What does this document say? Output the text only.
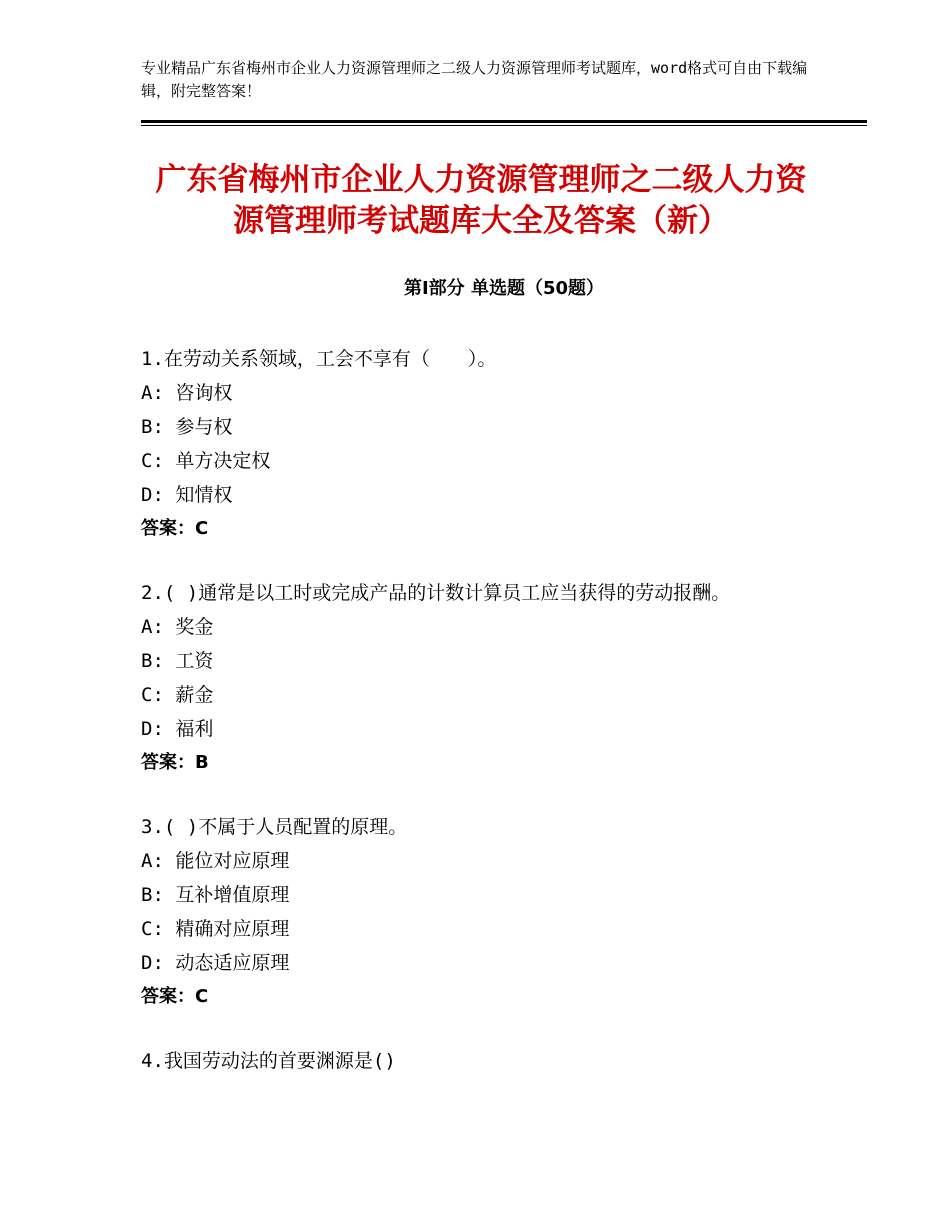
专业精品广东省梅州市企业人力资源管理师之二级人力资源管理师考试题库，word格式可自由下载编辑，附完整答案！
广东省梅州市企业人力资源管理师之二级人力资源管理师考试题库大全及答案（新）
第Ⅰ部分 单选题（50题）
1.在劳动关系领域，工会不享有（　　）。
A: 咨询权
B: 参与权
C: 单方决定权
D: 知情权
答案：C
2.( )通常是以工时或完成产品的计数计算员工应当获得的劳动报酬。
A: 奖金
B: 工资
C: 薪金
D: 福利
答案：B
3.( )不属于人员配置的原理。
A: 能位对应原理
B: 互补增值原理
C: 精确对应原理
D: 动态适应原理
答案：C
4.我国劳动法的首要渊源是()
